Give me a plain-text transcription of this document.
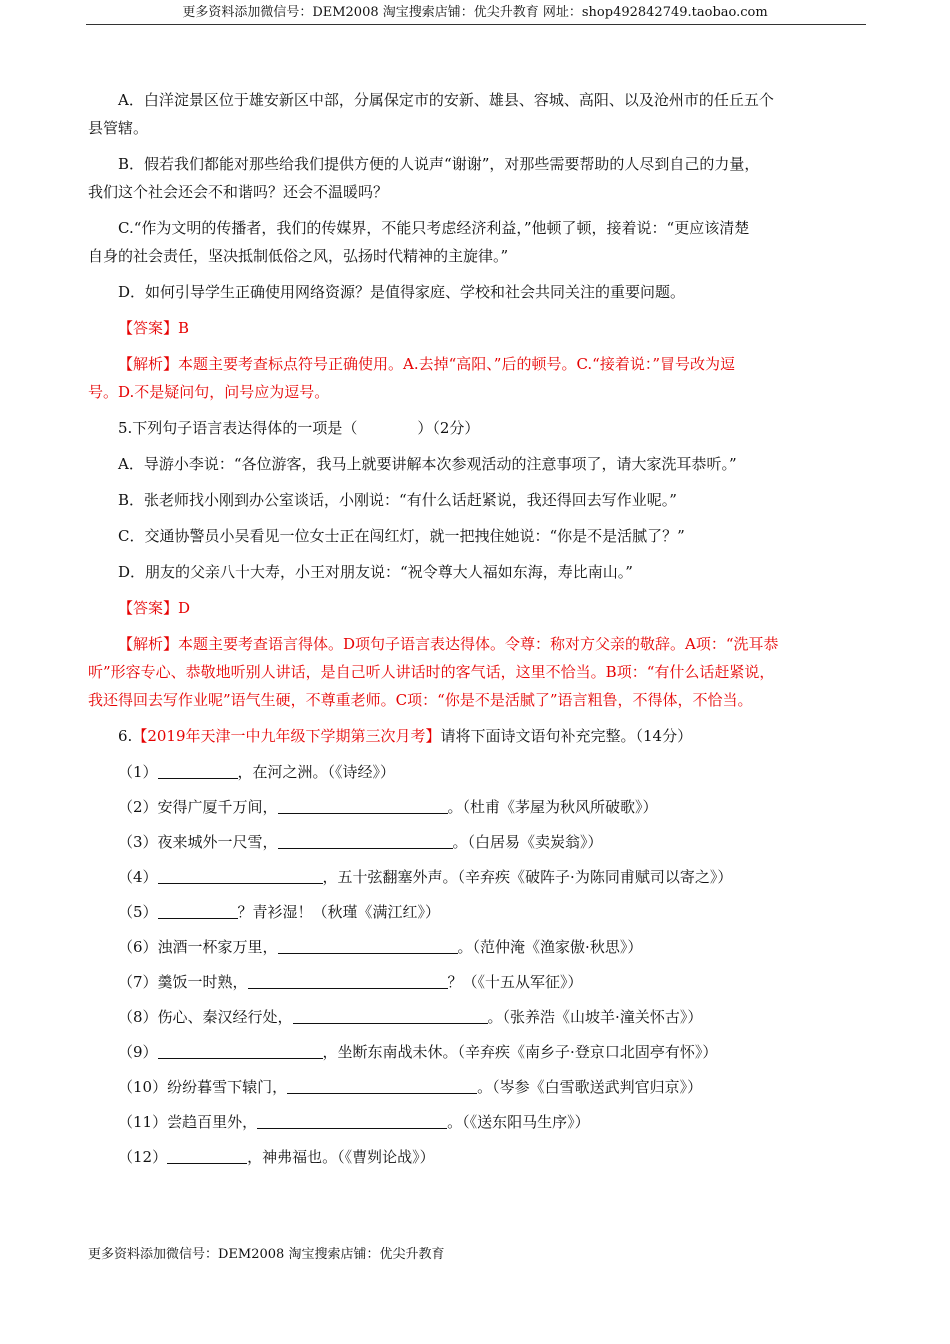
更多资料添加微信号：DEM2008 淘宝搜索店铺：优尖升教育 网址：shop492842749.taobao.com
A．白洋淀景区位于雄安新区中部，分属保定市的安新、雄县、容城、高阳、以及沧州市的任丘五个
县管辖。
B．假若我们都能对那些给我们提供方便的人说声“谢谢”，对那些需要帮助的人尽到自己的力量，
我们这个社会还会不和谐吗？还会不温暖吗？
C.“作为文明的传播者，我们的传媒界，不能只考虑经济利益，”他顿了顿，接着说：“更应该清楚
自身的社会责任，坚决抵制低俗之风，弘扬时代精神的主旋律。”
D．如何引导学生正确使用网络资源？是值得家庭、学校和社会共同关注的重要问题。
【答案】B
【解析】本题主要考查标点符号正确使用。A.去掉“高阳、”后的顿号。C.“接着说：”冒号改为逗
号。D.不是疑问句，问号应为逗号。
5.下列句子语言表达得体的一项是（	）（2分）
A．导游小李说：“各位游客，我马上就要讲解本次参观活动的注意事项了，请大家洗耳恭听。”
B．张老师找小刚到办公室谈话，小刚说：“有什么话赶紧说，我还得回去写作业呢。”
C．交通协警员小吴看见一位女士正在闯红灯，就一把拽住她说：“你是不是活腻了？”
D．朋友的父亲八十大寿，小王对朋友说：“祝令尊大人福如东海，寿比南山。”
【答案】D
【解析】本题主要考查语言得体。D项句子语言表达得体。令尊：称对方父亲的敬辞。A项：“洗耳恭
听”形容专心、恭敬地听别人讲话，是自己听人讲话时的客气话，这里不恰当。B项：“有什么话赶紧说，
我还得回去写作业呢”语气生硬，不尊重老师。C项：“你是不是活腻了”语言粗鲁，不得体，不恰当。
6.【2019年天津一中九年级下学期第三次月考】请将下面诗文语句补充完整。（14分）
（1）	，在河之洲。（《诗经》）
（2）安得广厦千万间，	。（杜甫《茅屋为秋风所破歌》）
（3）夜来城外一尺雪，	。（白居易《卖炭翁》）
（4）	，五十弦翻塞外声。（辛弃疾《破阵子·为陈同甫赋司以寄之》）
（5）	？青衫湿！（秋瑾《满江红》）
（6）浊酒一杯家万里，	。（范仲淹《渔家傲·秋思》）
（7）羹饭一时熟，	？（《十五从军征》）
（8）伤心、秦汉经行处，	。（张养浩《山坡羊·潼关怀古》）
（9）	，坐断东南战未休。（辛弃疾《南乡子·登京口北固亭有怀》）
（10）纷纷暮雪下辕门，	。（岑参《白雪歌送武判官归京》）
（11）尝趋百里外，	。（《送东阳马生序》）
（12）	，神弗福也。（《曹刿论战》）
更多资料添加微信号：DEM2008 淘宝搜索店铺：优尖升教育
